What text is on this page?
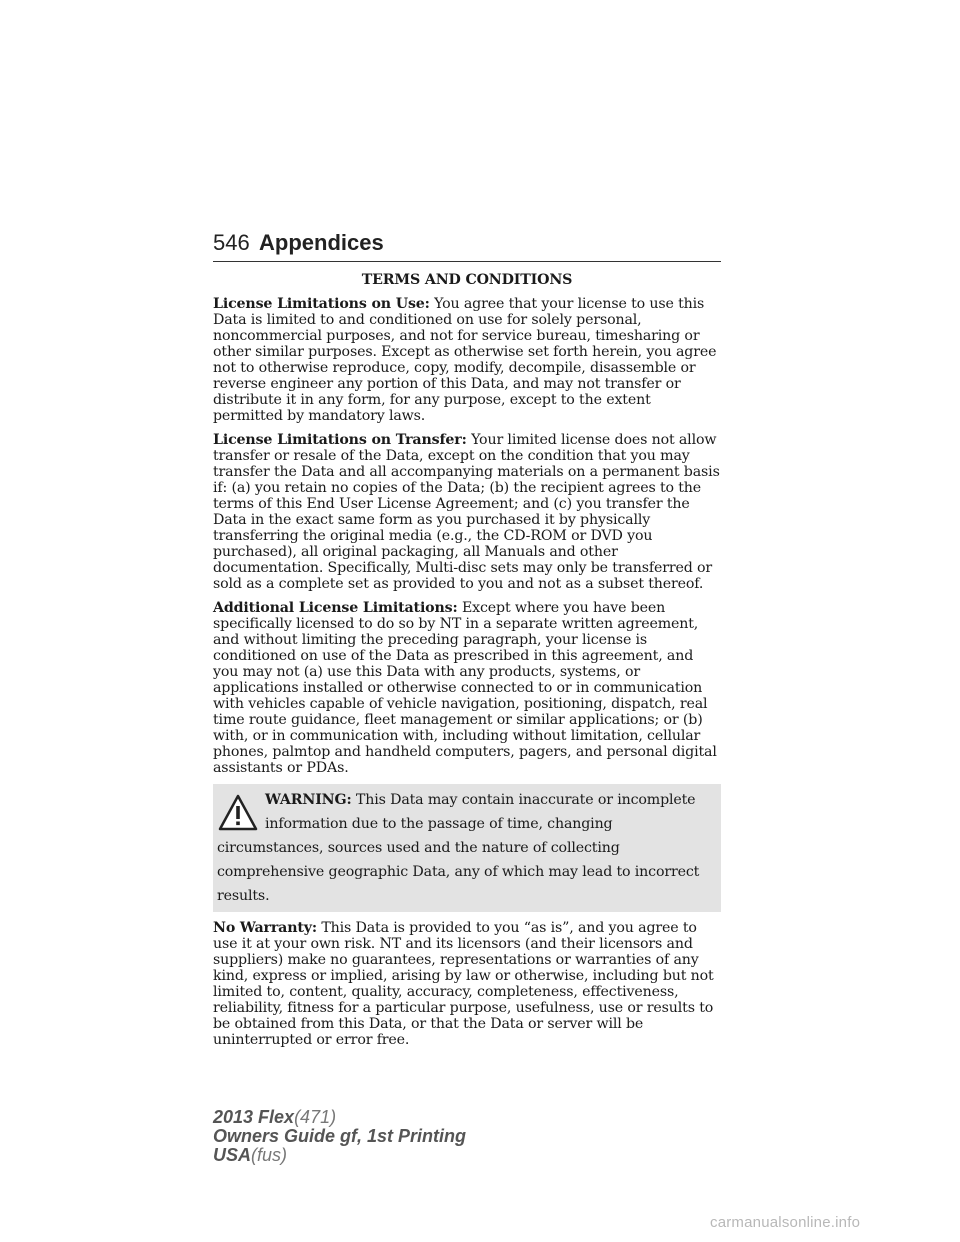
546 Appendices
TERMS AND CONDITIONS

License Limitations on Use: You agree that your license to use this Data is limited to and conditioned on use for solely personal, noncommercial purposes, and not for service bureau, timesharing or other similar purposes. Except as otherwise set forth herein, you agree not to otherwise reproduce, copy, modify, decompile, disassemble or reverse engineer any portion of this Data, and may not transfer or distribute it in any form, for any purpose, except to the extent permitted by mandatory laws.

License Limitations on Transfer: Your limited license does not allow transfer or resale of the Data, except on the condition that you may transfer the Data and all accompanying materials on a permanent basis if: (a) you retain no copies of the Data; (b) the recipient agrees to the terms of this End User License Agreement; and (c) you transfer the Data in the exact same form as you purchased it by physically transferring the original media (e.g., the CD-ROM or DVD you purchased), all original packaging, all Manuals and other documentation. Specifically, Multi-disc sets may only be transferred or sold as a complete set as provided to you and not as a subset thereof.

Additional License Limitations: Except where you have been specifically licensed to do so by NT in a separate written agreement, and without limiting the preceding paragraph, your license is conditioned on use of the Data as prescribed in this agreement, and you may not (a) use this Data with any products, systems, or applications installed or otherwise connected to or in communication with vehicles capable of vehicle navigation, positioning, dispatch, real time route guidance, fleet management or similar applications; or (b) with, or in communication with, including without limitation, cellular phones, palmtop and handheld computers, pagers, and personal digital assistants or PDAs.

WARNING: This Data may contain inaccurate or incomplete information due to the passage of time, changing circumstances, sources used and the nature of collecting comprehensive geographic Data, any of which may lead to incorrect results.

No Warranty: This Data is provided to you “as is”, and you agree to use it at your own risk. NT and its licensors (and their licensors and suppliers) make no guarantees, representations or warranties of any kind, express or implied, arising by law or otherwise, including but not limited to, content, quality, accuracy, completeness, effectiveness, reliability, fitness for a particular purpose, usefulness, use or results to be obtained from this Data, or that the Data or server will be uninterrupted or error free.

2013 Flex(471)
Owners Guide gf, 1st Printing
USA(fus)
carmanualsonline.info
